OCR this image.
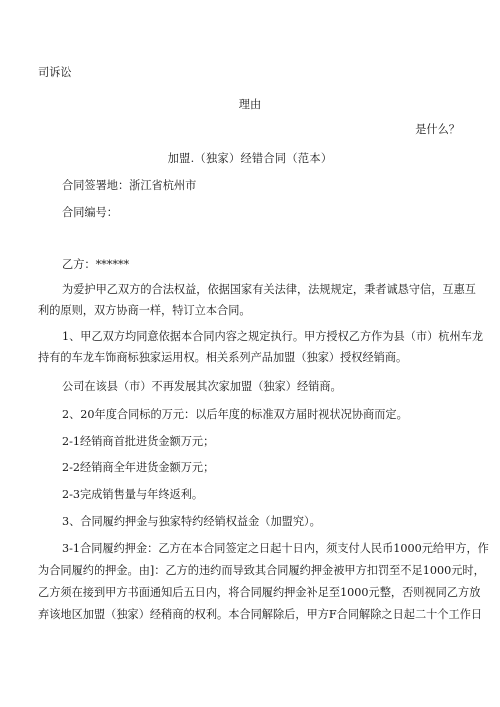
司诉讼
理由
是什么？
加盟.（独家）经错合同（范本）
合同签署地：浙江省杭州市
合同编号：
乙方：******
为爱护甲乙双方的合法权益，依据国家有关法律，法规规定，秉者诚恳守信，互惠互
利的原则，双方协商一样，特订立本合同。
1、甲乙双方均同意依据本合同内容之规定执行。甲方授权乙方作为县（市）杭州车龙
持有的车龙车饰商标独家运用权。相关系列产品加盟（独家）授权经销商。
公司在该县（市）不再发展其次家加盟（独家）经销商。
2、20年度合同标的万元：以后年度的标准双方届时视状况协商而定。
2-1经销商首批进货金额万元；
2-2经销商全年进货金额万元；
2-3完成销售量与年终返利。
3、合同履约押金与独家特约经销权益金（加盟究）。
3-1合同履约押金：乙方在本合同签定之日起十日内，须支付人民币1000元给甲方，作
为合同履约的押金。由]：乙方的违约而导致其合同履约押金被甲方扣罚至不足1000元时，
乙方须在接到甲方书面通知后五日内，将合同履约押金补足至1000元整，否则视同乙方放
弃该地区加盟（独家）经稍商的权利。本合同解除后，甲方F合同解除之日起二十个工作日
